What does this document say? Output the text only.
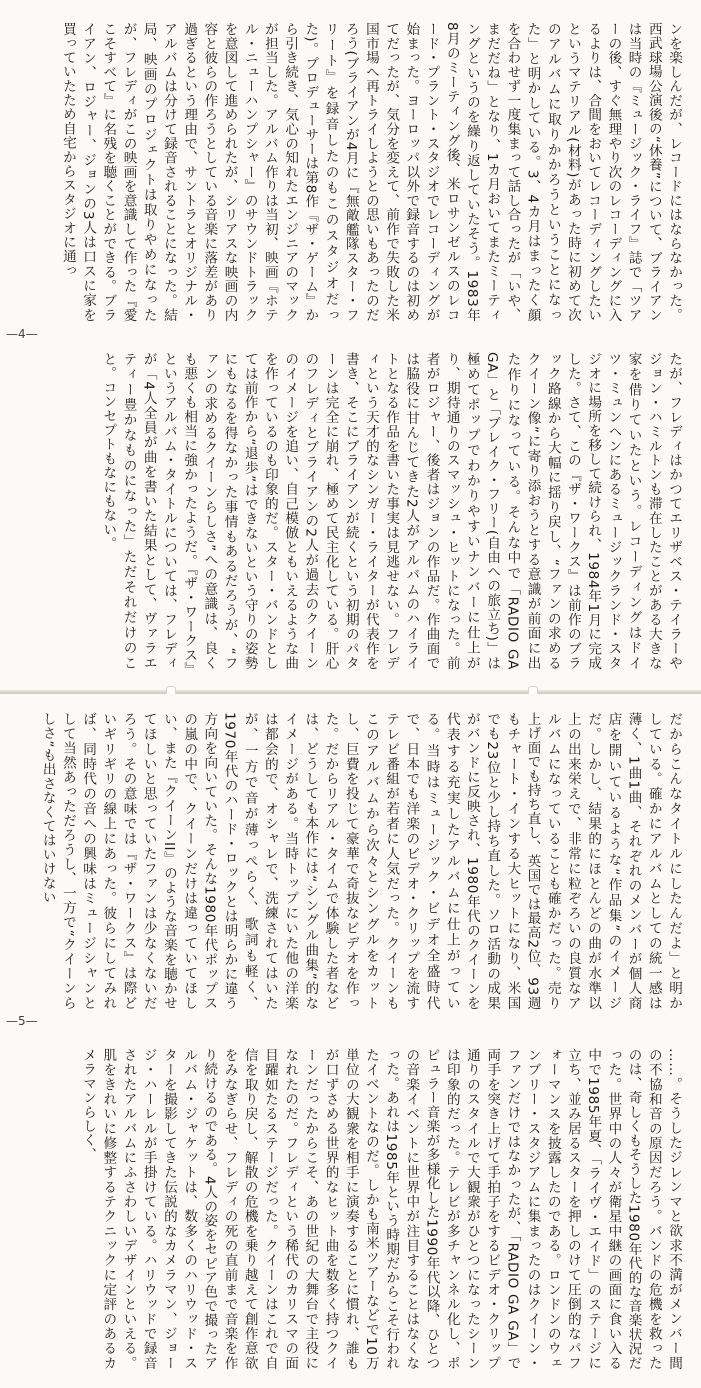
ンを楽しんだが、レコードにはならなかった。西武球場公演後の“休養”について、ブライアンは当時の『ミュージック・ライフ』誌で「ツアーの後、すぐ無理やり次のレコーディングに入るよりは、合間をおいてレコーディングしたいというマテリアル(材料)があった時に初めて次のアルバムに取りかかろうということになった」と明かしている。3、4カ月はまったく顔を合わせず一度集まって話し合ったが「いや、まだだね」となり、1カ月おいてまたミーティングというのを繰り返していたそう。1983年8月のミーティング後、米ロサンゼルスのレコード・プラント・スタジオでレコーディングが始まった。ヨーロッパ以外で録音するのは初めてだったが、気分を変えて、前作で失敗した米国市場へ再トライしようとの思いもあったのだろう(ブライアンが4月に『無敵艦隊スター・フリート』を録音したのもこのスタジオだった)。プロデューサーは第8作『ザ・ゲーム』から引き続き、気心の知れたエンジニアのマックが担当した。アルバム作りは当初、映画『ホテル・ニューハンプシャー』のサウンドトラックを意図して進められたが、シリアスな映画の内容と彼らの作ろうとしている音楽に落差があり過ぎるという理由で、サントラとオリジナル・アルバムは分けて録音されることになった。結局、映画のプロジェクトは取りやめになったが、フレディがこの映画を意識して作った『愛こそすべて』に名残を聴くことができる。ブライアン、ロジャー、ジョンの3人は口スに家を買っていたため自宅からスタジオに通っ
たが、フレディはかつてエリザベス・テイラーやジョン・ハミルトンも滞在したことがある大きな家を借りていたという。レコーディングはドイツ・ミュンヘンにあるミュージックランド・スタジオに場所を移して続けられ、1984年1月に完成した。さて、この『ザ・ワークス』は前作のブラック路線から大幅に揺り戻し、“ファンの求めるクイーン像”に寄り添おうとする意識が前面に出た作りになっている。そんな中で「RADIO GA GA」と「ブレイク・フリー(自由への旅立ち)」は極めてポップでわかりやすいナンバーに仕上がり、期待通りのスマッシュ・ヒットになった。前者がロジャー、後者はジョンの作品だ。作曲面では脇役に甘んじてきた2人がアルバムのハイライトとなる作品を書いた事実は見逃せない。フレディという天才的なシンガー・ライターが代表作を書き、そこにブライアンが続くという初期のパターンは完全に崩れ、極めて民主化している。肝心のフレディとブライアンの2人が過去のクイーンのイメージを追い、自己模倣ともいえるような曲を作っているのも印象的だ。スター・バンドとしては前作から“退歩”はできないという守りの姿勢にもなるを得なかった事情もあるだろうが、“ファンの求めるクイーンらしさ”への意識は、良くも悪くも相当に強かったようだ。『ザ・ワークス』というアルバム・タイトルについては、フレディが「4人全員が曲を書いた結果として、ヴァラエティー豊かなものになった」ただそれだけのこと。コンセプトもなにもない。
—4—
だからこんなタイトルにしたんだよ」と明かしている。確かにアルバムとしての統一感は薄く、1曲1曲、それぞれのメンバーが個人商店を開いているような“作品集”のイメージだ。しかし、結果的にほとんどの曲が水準以上の出来栄えで、非常に粒ぞろいの良質なアルバムになっていることも確かだった。売り上げ面でも持ち直し、英国では最高2位、93週もチャート・インする大ヒットになり、米国でも23位と少し持ち直した。ソロ活動の成果がバンドに反映され、1980年代のクイーンを代表する充実したアルバムに仕上がっている。当時はミュージック・ビデオ全盛時代で、日本でも洋楽のビデオ・クリップを流すテレビ番組が若者に人気だった。クイーンもこのアルバムから次々とシングルをカットし、巨費を投じて豪華で奇抜なビデオを作った。だからリアル・タイムで体験した者などは、どうしても本作には“シングル曲集”的なイメージがある。当時トップにいた他の洋楽は都会的で、オシャレで、洗練されてはいたが、一方で音が薄っぺらく、歌詞も軽く、1970年代のハード・ロックとは明らかに違う方向を向いていた。そんな1980年代ポップスの嵐の中で、クイーンだけは違っていてほしい、また『クイーンII』のような音楽を聴かせてほしいと思っていたファンは少なくないだろう。その意味では『ザ・ワークス』は際どいギリギリの線上にあった。彼らにしてみれば、同時代の音への興味はミュージシャンとして当然あっただろうし、一方で“クイーンらしさ”も出さなくてはいけない
……。そうしたジレンマと欲求不満がメンバー間の不協和音の原因だろう。バンドの危機を救ったのは、奇しくもそうした1980年代的な音楽状況だった。世界中の人々が衛星中継の画面に食い入る中で1985年夏、「ライヴ・エイド」のステージに立ち、並み居るスターを押しのけて圧倒的なパフォーマンスを披露したのである。ロンドンのウェンブリー・スタジアムに集まったのはクイーン・ファンだけではなかったが、「RADIO GA GA」で両手を突き上げて手拍子をするビデオ・クリップ通りのスタイルで大観衆がひとつになったシーンは印象的だった。テレビが多チャンネル化し、ポピュラー音楽が多様化した1990年代以降、ひとつの音楽イベントに世界中が注目することはなくなった。あれは1985年という時期だからこそ行われたイベントなのだ。しかも南米ツアーなどで10万単位の大観衆を相手に演奏することに慣れ、誰もが口ずさめる世界的なヒット曲を数多く持つクイーンだったからこそ、あの世紀の大舞台で主役になれたのだ。フレディという稀代のカリスマの面目躍如たるステージだった。クイーンはこれで自信を取り戻し、解散の危機を乗り越えて創作意欲をみなぎらせ、フレディの死の直前まで音楽を作り続けるのである。4人の姿をセピア色で撮ったアルバム・ジャケットは、数多くのハリウッド・スターを撮影してきた伝説的なカメラマン、ジョージ・ハーレルが手掛けている。ハリウッドで録音されたアルバムにふさわしいデザインといえる。肌をきれいに修整するテクニックに定評のあるカメラマンらしく、
—5—
